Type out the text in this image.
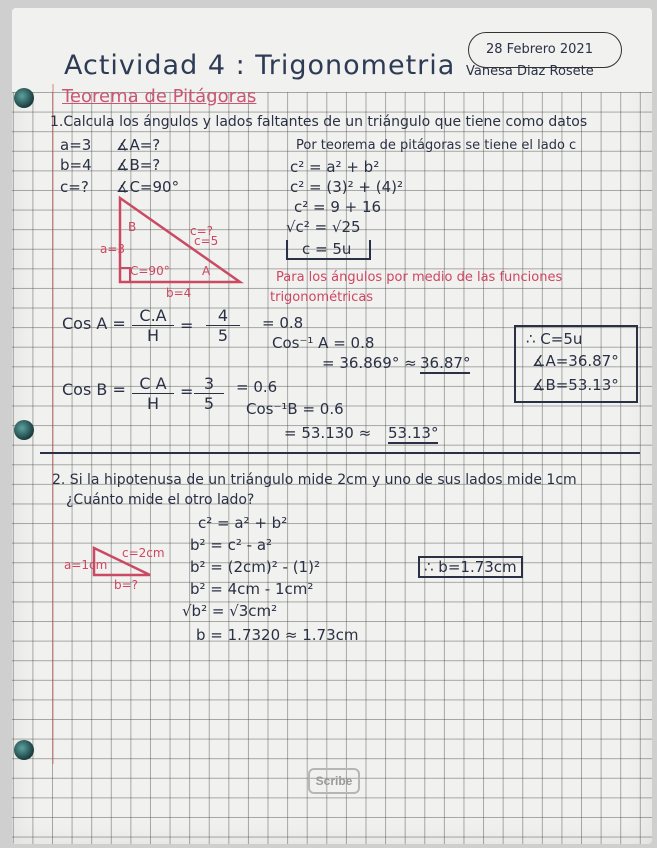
Actividad 4 : Trigonometria
28 Febrero 2021
Vanesa Diaz Rosete
Teorema de Pitágoras
1.Calcula los ángulos y lados faltantes de un triángulo que tiene como datos
a=3
b=4
c=?
∡A=?
∡B=?
∡C=90°
Por teorema de pitágoras se tiene el lado c
c² = a² + b²
c² = (3)² + (4)²
c² = 9 + 16
√c² = √25
c = 5u
B
A
c=?
c=5
a=3
C=90°
b=4
Para los ángulos por medio de las funciones
trigonométricas
Cos $A = \frac{C.A}{H} = \frac{4}{5} = 0.8$
Cos⁻¹ A = 0.8
= 36.869° ≈ 36.87°
∴ C=5u
∡A=36.87°
∡B=53.13°
Cos $B = \frac{\text{C A}}{H} = \frac{3}{5} = 0.6$
Cos⁻¹B = 0.6
= 53.130 ≈ 53.13°
2. Si la hipotenusa de un triángulo mide 2cm y uno de sus lados mide 1cm
¿Cuánto mide el otro lado?
c² = a² + b²
b² = c² - a²
b² = (2cm)² - (1)²
b² = 4cm - 1cm²
√b² = √3cm²
b = 1.7320 ≈ 1.73cm
a=1cm
c=2cm
b=?
∴ b=1.73cm
Scribe
